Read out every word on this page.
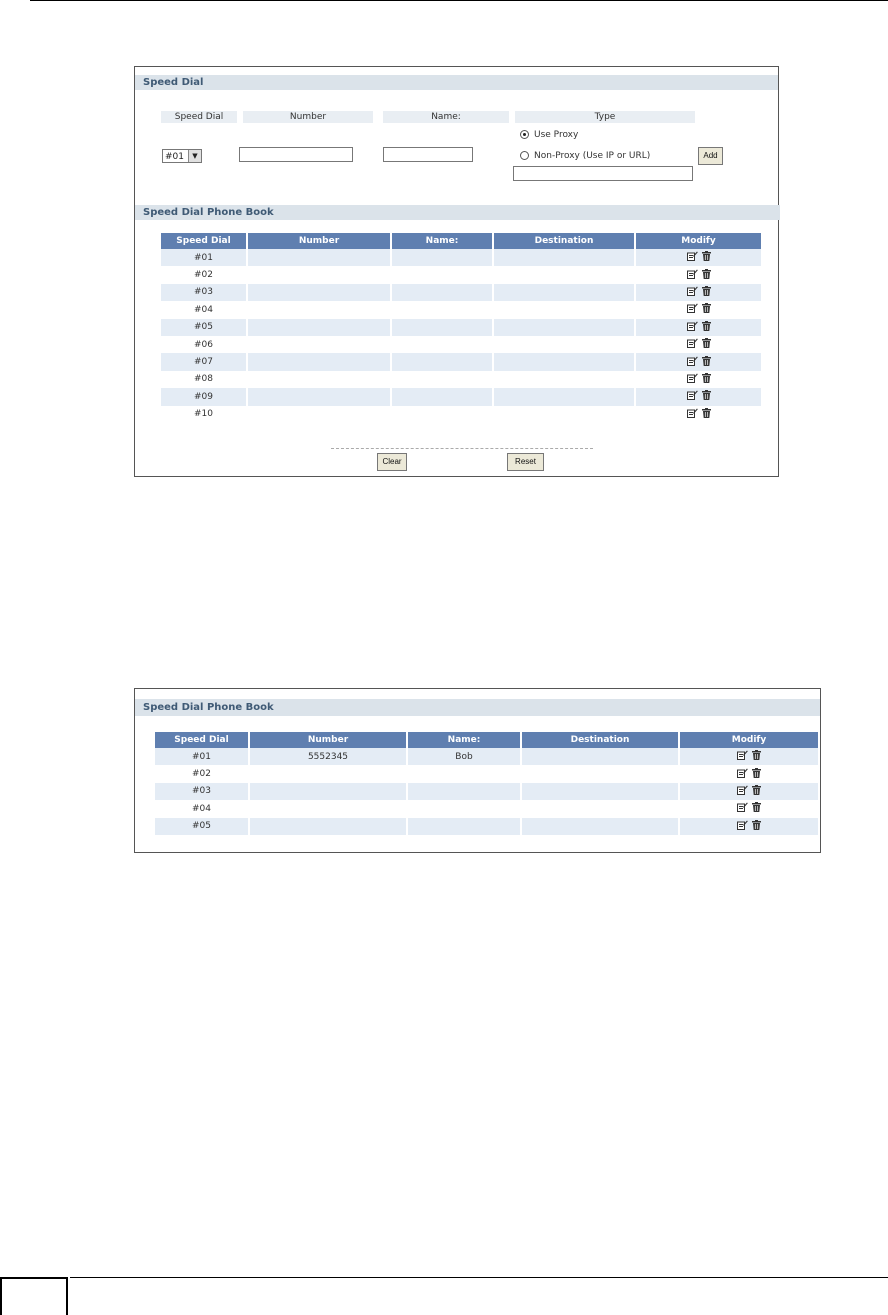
Speed Dial
Speed Dial	Number	Name:	Type
#01	▼
Use Proxy
Non-Proxy (Use IP or URL)	Add
Speed Dial Phone Book
Speed Dial	Number	Name:	Destination	Modify
#01				
#02				
#03				
#04				
#05				
#06				
#07				
#08				
#09				
#10				
Clear	Reset
Speed Dial Phone Book
Speed Dial	Number	Name:	Destination	Modify
#01	5552345	Bob		
#02				
#03				
#04				
#05				
